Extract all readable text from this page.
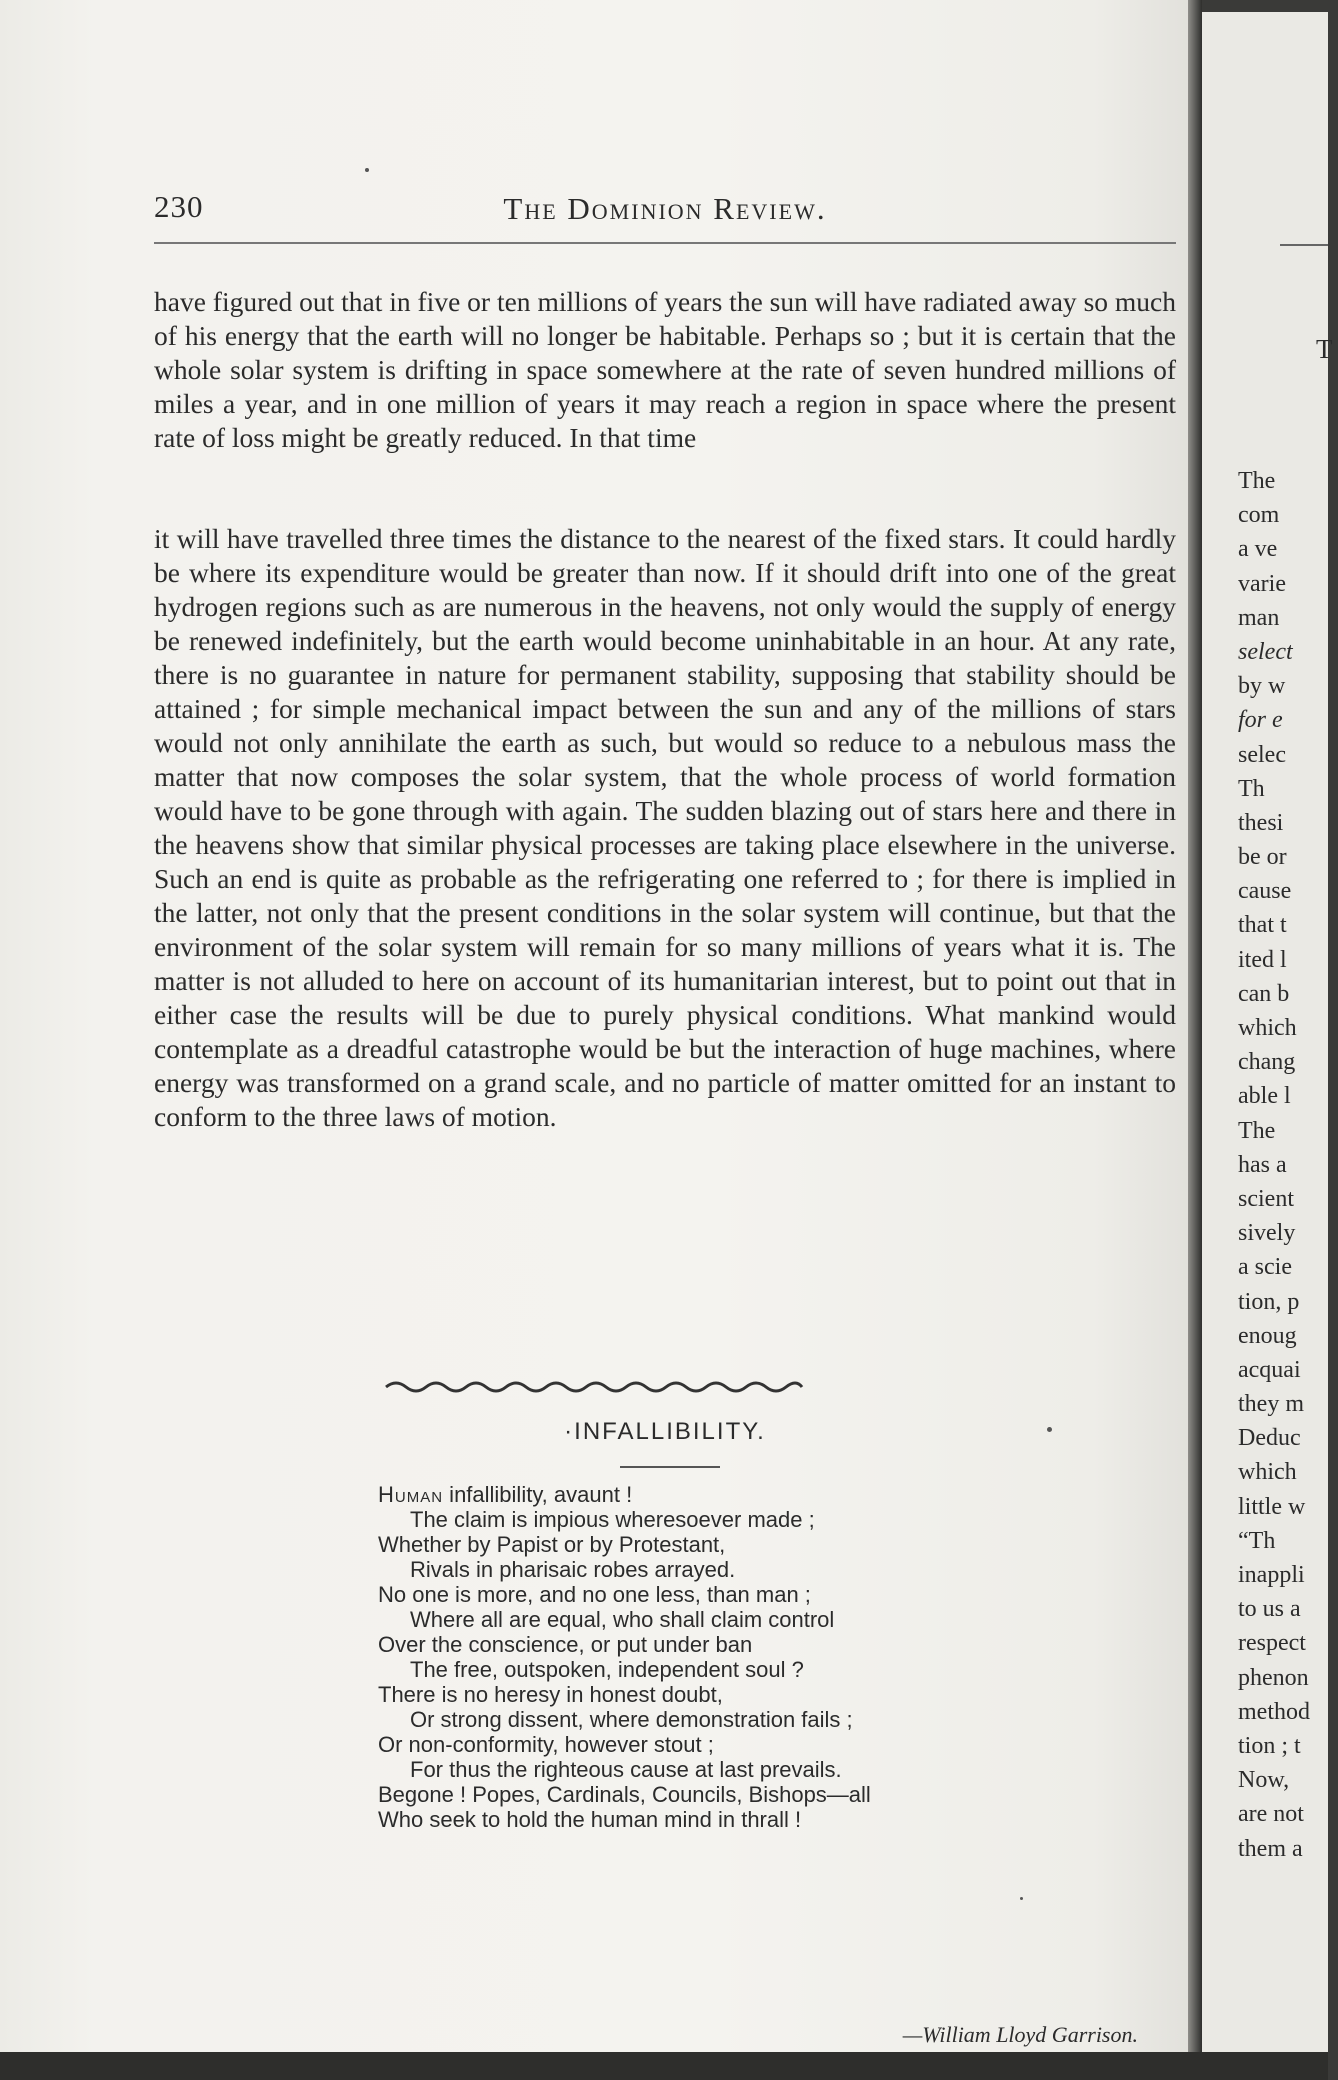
230	The Dominion Review.

have figured out that in five or ten millions of years the sun will have radiated away so much of his energy that the earth will no longer be habitable. Perhaps so ; but it is certain that the whole solar system is drifting in space somewhere at the rate of seven hundred millions of miles a year, and in one million of years it may reach a region in space where the present rate of loss might be greatly reduced. In that time

it will have travelled three times the distance to the nearest of the fixed stars. It could hardly be where its expenditure would be greater than now. If it should drift into one of the great hydrogen regions such as are numerous in the heavens, not only would the supply of energy be renewed indefinitely, but the earth would become uninhabitable in an hour. At any rate, there is no guarantee in nature for permanent stability, supposing that stability should be attained ; for simple mechanical impact between the sun and any of the millions of stars would not only annihilate the earth as such, but would so reduce to a nebulous mass the matter that now composes the solar system, that the whole process of world formation would have to be gone through with again. The sudden blazing out of stars here and there in the heavens show that similar physical processes are taking place elsewhere in the universe. Such an end is quite as probable as the refrigerating one referred to ; for there is implied in the latter, not only that the present conditions in the solar system will continue, but that the environment of the solar system will remain for so many millions of years what it is. The matter is not alluded to here on account of its humanitarian interest, but to point out that in either case the results will be due to purely physical conditions. What mankind would contemplate as a dreadful catastrophe would be but the interaction of huge machines, where energy was transformed on a grand scale, and no particle of matter omitted for an instant to conform to the three laws of motion.

·INFALLIBILITY.
Human infallibility, avaunt !
The claim is impious wheresoever made ;
Whether by Papist or by Protestant,
Rivals in pharisaic robes arrayed.
No one is more, and no one less, than man ;
Where all are equal, who shall claim control
Over the conscience, or put under ban
The free, outspoken, independent soul ?
There is no heresy in honest doubt,
Or strong dissent, where demonstration fails ;
Or non-conformity, however stout ;
For thus the righteous cause at last prevails.
Begone ! Popes, Cardinals, Councils, Bishops—all
Who seek to hold the human mind in thrall !
—William Lloyd Garrison.
T
The
com
a ve
varie
man
select
by w
for e
selec
Th
thesi
be or
cause
that t
ited l
can b
which
chang
able l
The
has a
scient
sively
a scie
tion, p
enoug
acquai
they m
Deduc
which
little w
“Th
inappli
to us a
respect
phenon
method
tion ; t
Now,
are not
them a
